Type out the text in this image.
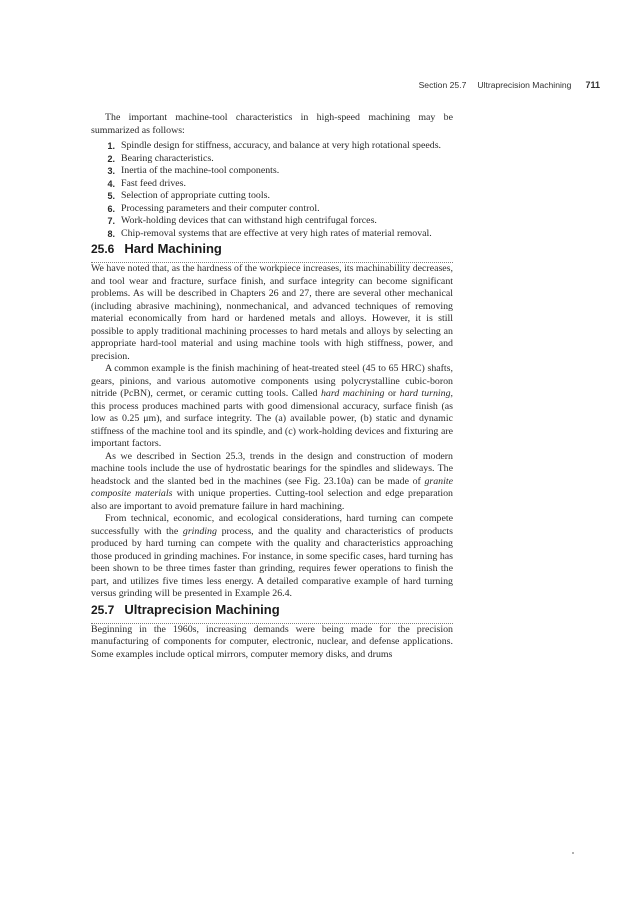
Section 25.7 Ultraprecision Machining 711

The important machine-tool characteristics in high-speed machining may be summarized as follows:

1. Spindle design for stiffness, accuracy, and balance at very high rotational speeds.
2. Bearing characteristics.
3. Inertia of the machine-tool components.
4. Fast feed drives.
5. Selection of appropriate cutting tools.
6. Processing parameters and their computer control.
7. Work-holding devices that can withstand high centrifugal forces.
8. Chip-removal systems that are effective at very high rates of material removal.
25.6 Hard Machining

We have noted that, as the hardness of the workpiece increases, its machinability decreases, and tool wear and fracture, surface finish, and surface integrity can become significant problems. As will be described in Chapters 26 and 27, there are several other mechanical (including abrasive machining), nonmechanical, and advanced techniques of removing material economically from hard or hardened metals and alloys. However, it is still possible to apply traditional machining processes to hard metals and alloys by selecting an appropriate hard-tool material and using machine tools with high stiffness, power, and precision.

A common example is the finish machining of heat-treated steel (45 to 65 HRC) shafts, gears, pinions, and various automotive components using polycrystalline cubic-boron nitride (PcBN), cermet, or ceramic cutting tools. Called hard machining or hard turning, this process produces machined parts with good dimensional accuracy, surface finish (as low as 0.25 μm), and surface integrity. The (a) available power, (b) static and dynamic stiffness of the machine tool and its spindle, and (c) work-holding devices and fixturing are important factors.

As we described in Section 25.3, trends in the design and construction of modern machine tools include the use of hydrostatic bearings for the spindles and slideways. The headstock and the slanted bed in the machines (see Fig. 23.10a) can be made of granite composite materials with unique properties. Cutting-tool selection and edge preparation also are important to avoid premature failure in hard machining.

From technical, economic, and ecological considerations, hard turning can compete successfully with the grinding process, and the quality and characteristics of products produced by hard turning can compete with the quality and characteristics approaching those produced in grinding machines. For instance, in some specific cases, hard turning has been shown to be three times faster than grinding, requires fewer operations to finish the part, and utilizes five times less energy. A detailed comparative example of hard turning versus grinding will be presented in Example 26.4.

25.7 Ultraprecision Machining

Beginning in the 1960s, increasing demands were being made for the precision manufacturing of components for computer, electronic, nuclear, and defense applications. Some examples include optical mirrors, computer memory disks, and drums
